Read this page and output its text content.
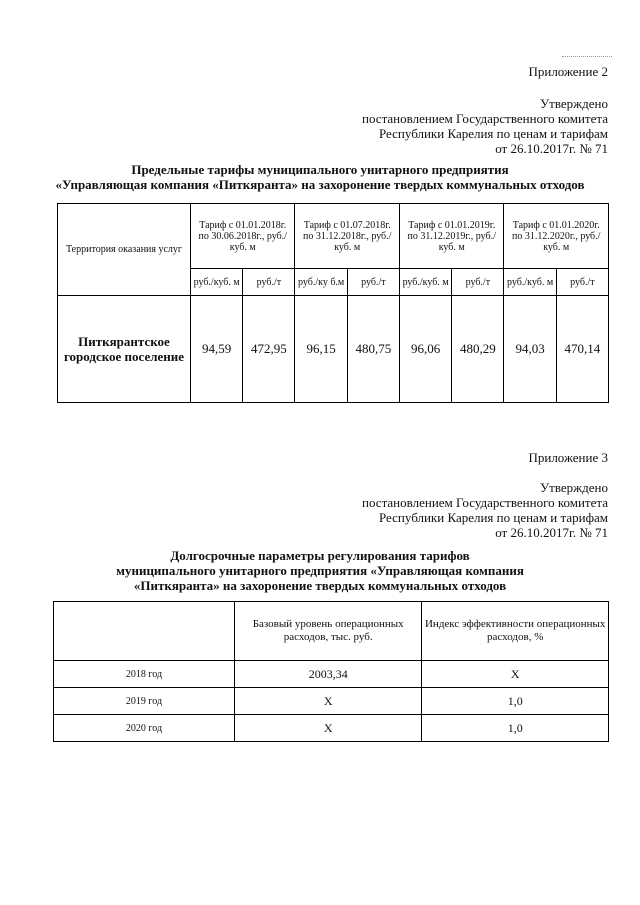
Приложение 2
Утверждено
постановлением Государственного комитета
Республики Карелия по ценам и тарифам
от 26.10.2017г. № 71
Предельные тарифы муниципального унитарного предприятия
«Управляющая компания «Питкяранта» на захоронение твердых коммунальных отходов
Территория оказания услуг	Тариф с 01.01.2018г. по 30.06.2018г., руб./куб. м		Тариф с 01.07.2018г. по 31.12.2018г., руб./куб. м		Тариф с 01.01.2019г. по 31.12.2019г., руб./куб. м		Тариф с 01.01.2020г. по 31.12.2020г., руб./куб. м	
	руб./куб. м	руб./т	руб./ку б.м	руб./т	руб./куб. м	руб./т	руб./куб. м	руб./т
Питкярантское городское поселение	94,59	472,95	96,15	480,75	96,06	480,29	94,03	470,14
Приложение 3
Утверждено
постановлением Государственного комитета
Республики Карелия по ценам и тарифам
от 26.10.2017г. № 71
Долгосрочные параметры регулирования тарифов
муниципального унитарного предприятия «Управляющая компания
«Питкяранта» на захоронение твердых коммунальных отходов
	Базовый уровень операционных расходов, тыс. руб.	Индекс эффективности операционных расходов, %
2018 год	2003,34	Х
2019 год	Х	1,0
2020 год	Х	1,0
